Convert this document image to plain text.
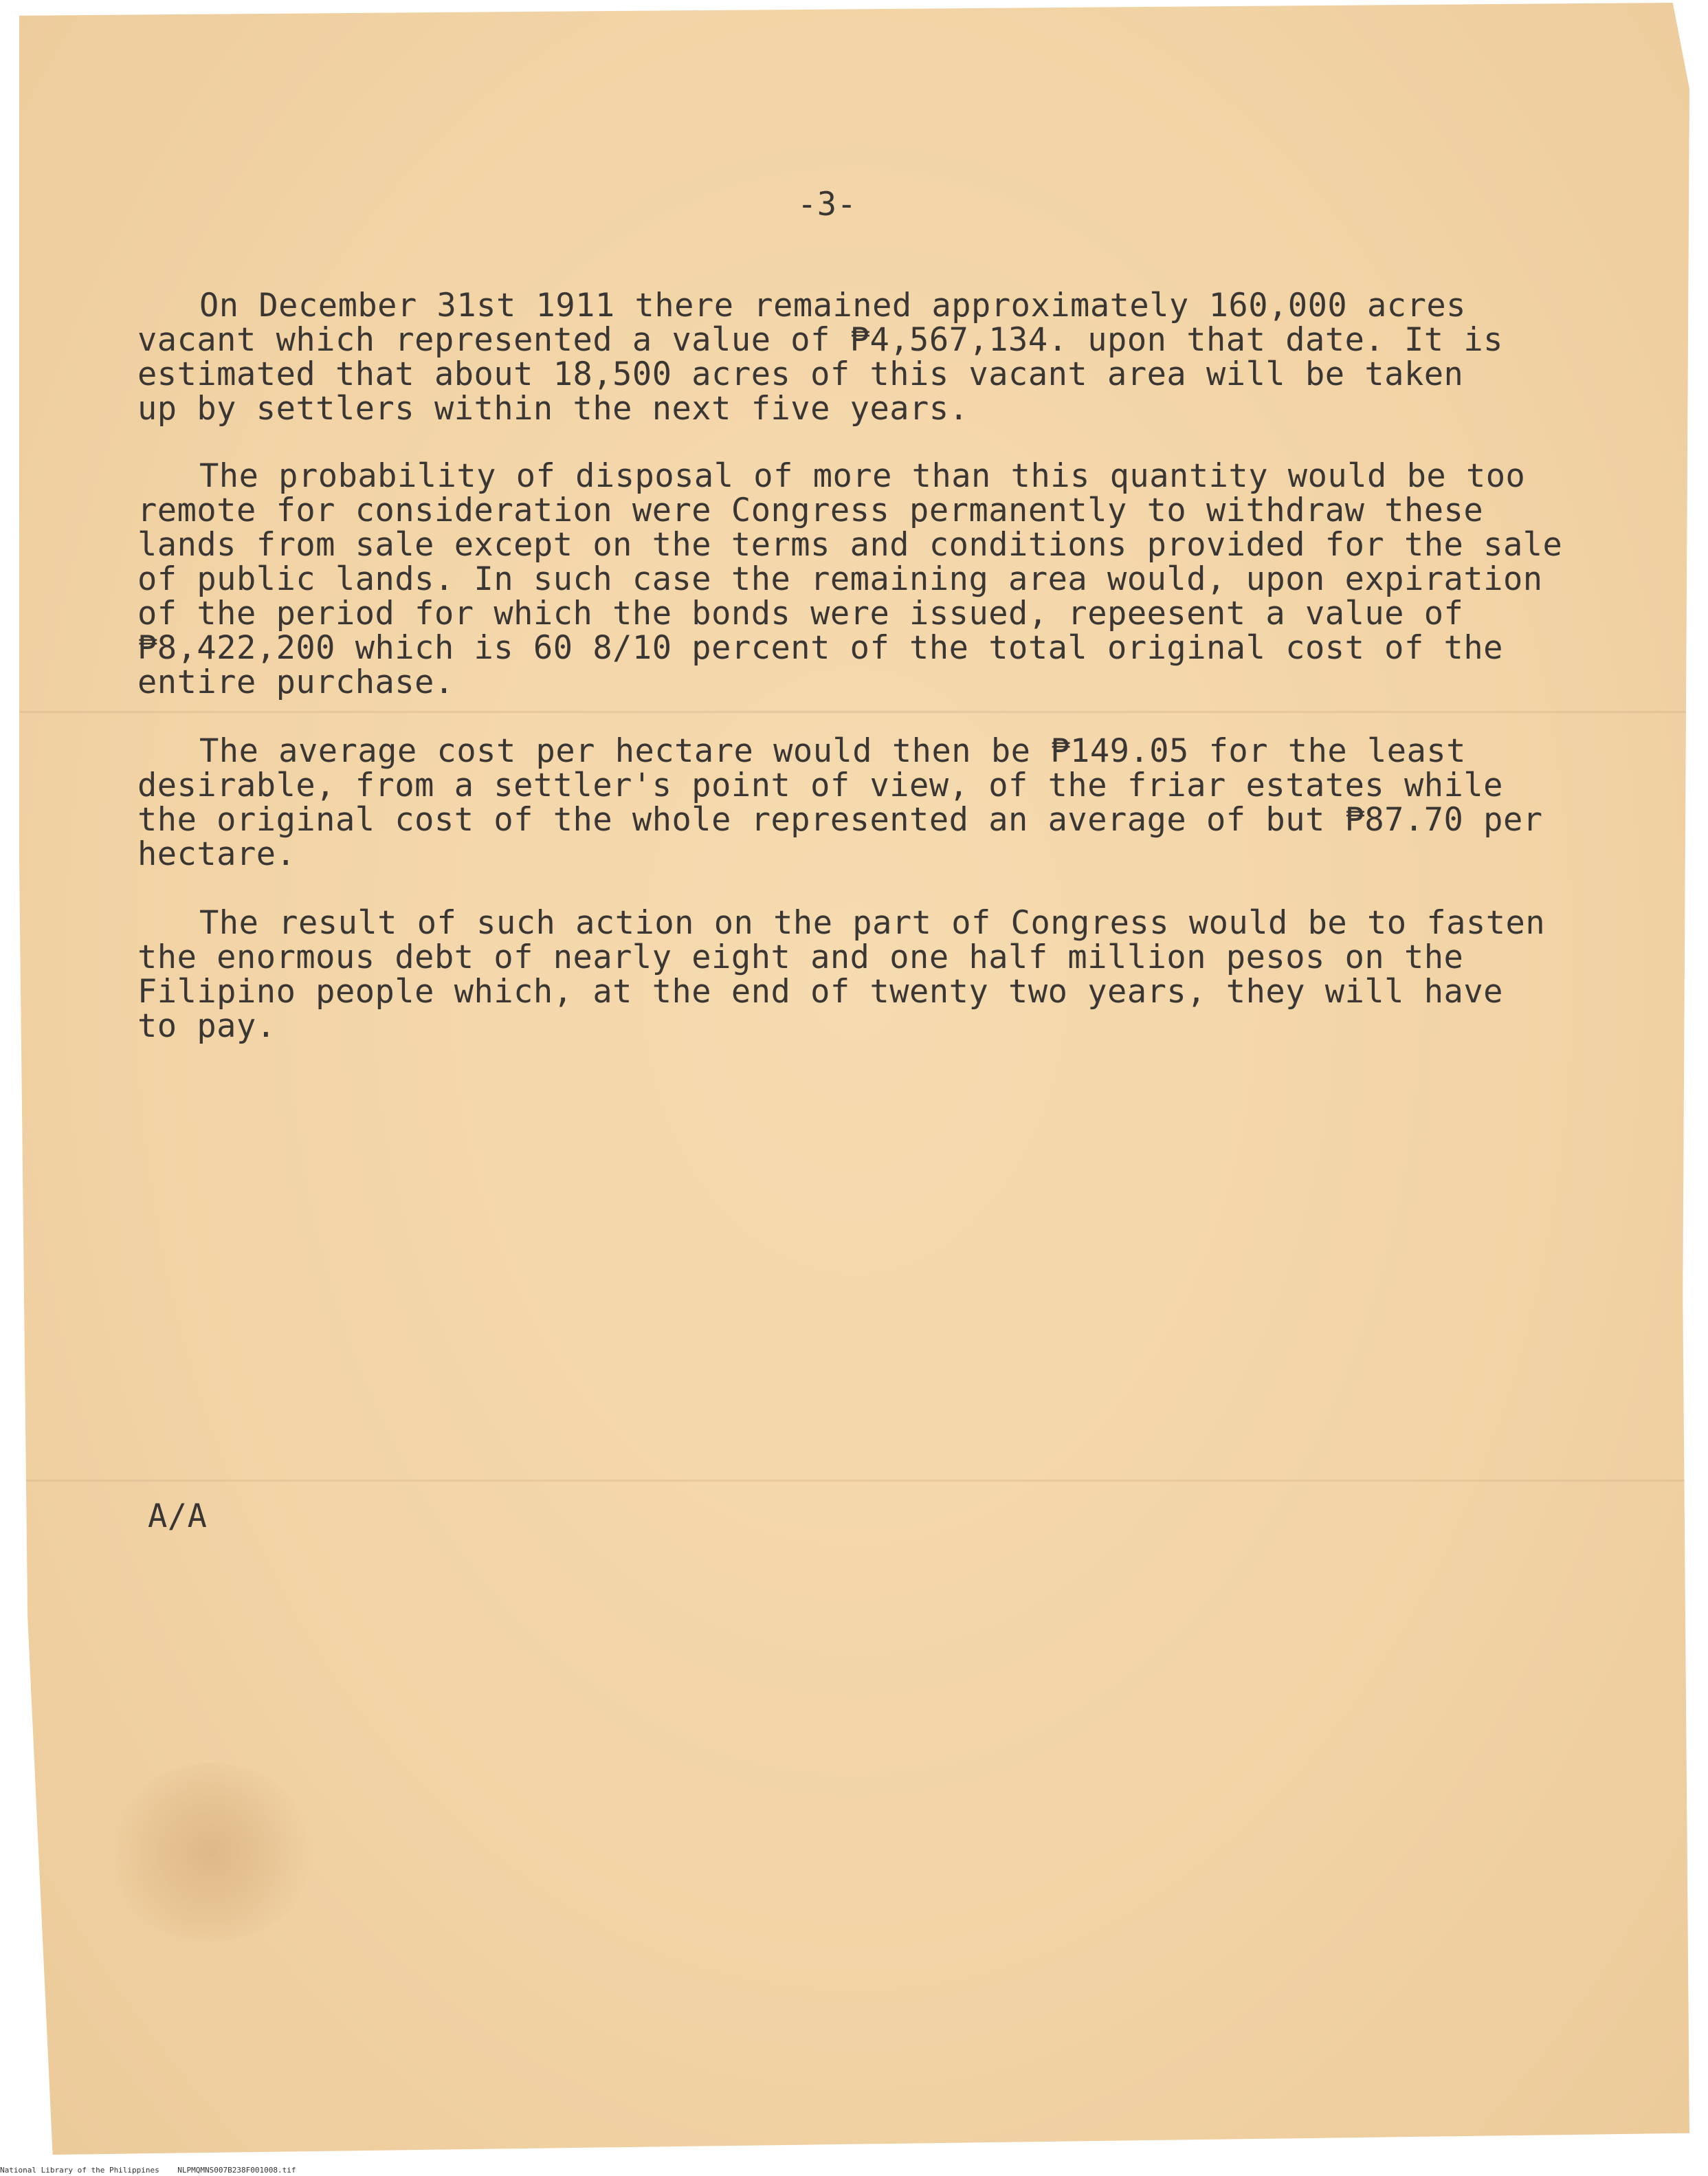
-3-

On December 31st 1911 there remained approximately 160,000 acres
vacant which represented a value of ₱4,567,134. upon that date. It is
estimated that about 18,500 acres of this vacant area will be taken
up by settlers within the next five years.
The probability of disposal of more than this quantity would be too
remote for consideration were Congress permanently to withdraw these
lands from sale except on the terms and conditions provided for the sale
of public lands. In such case the remaining area would, upon expiration
of the period for which the bonds were issued, repeesent a value of
₱8,422,200 which is 60 8/10 percent of the total original cost of the
entire purchase.
The average cost per hectare would then be ₱149.05 for the least
desirable, from a settler's point of view, of the friar estates while
the original cost of the whole represented an average of but ₱87.70 per
hectare.
The result of such action on the part of Congress would be to fasten
the enormous debt of nearly eight and one half million pesos on the
Filipino people which, at the end of twenty two years, they will have
to pay.

A/A

National Library of the Philippines NLPMQMNS007B238F001008.tif
